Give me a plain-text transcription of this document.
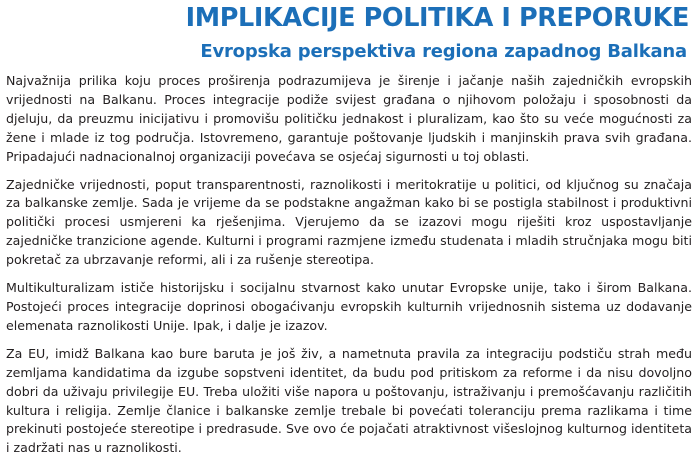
IMPLIKACIJE POLITIKA I PREPORUKE
Evropska perspektiva regiona zapadnog Balkana

Najvažnija prilika koju proces proširenja podrazumijeva je širenje i jačanje naših zajedničkih evropskih vrijednosti na Balkanu. Proces integracije podiže svijest građana o njihovom položaju i sposobnosti da djeluju, da preuzmu inicijativu i promovišu političku jednakost i pluralizam, kao što su veće mogućnosti za žene i mlade iz tog područja. Istovremeno, garantuje poštovanje ljudskih i manjinskih prava svih građana. Pripadajući nadnacionalnoj organizaciji povećava se osjećaj sigurnosti u toj oblasti.

Zajedničke vrijednosti, poput transparentnosti, raznolikosti i meritokratije u politici, od ključnog su značaja za balkanske zemlje. Sada je vrijeme da se podstakne angažman kako bi se postigla stabilnost i produktivni politički procesi usmjereni ka rješenjima. Vjerujemo da se izazovi mogu riješiti kroz uspostavljanje zajedničke tranzicione agende. Kulturni i programi razmjene između studenata i mladih stručnjaka mogu biti pokretač za ubrzavanje reformi, ali i za rušenje stereotipa.

Multikulturalizam ističe historijsku i socijalnu stvarnost kako unutar Evropske unije, tako i širom Balkana. Postojeći proces integracije doprinosi obogaćivanju evropskih kulturnih vrijednosnih sistema uz dodavanje elemenata raznolikosti Unije. Ipak, i dalje je izazov.

Za EU, imidž Balkana kao bure baruta je još živ, a nametnuta pravila za integraciju podstiču strah među zemljama kandidatima da izgube sopstveni identitet, da budu pod pritiskom za reforme i da nisu dovoljno dobri da uživaju privilegije EU. Treba uložiti više napora u poštovanju, istraživanju i premošćavanju različitih kultura i religija. Zemlje članice i balkanske zemlje trebale bi povećati toleranciju prema razlikama i time prekinuti postojeće stereotipe i predrasude. Sve ovo će pojačati atraktivnost višeslojnog kulturnog identiteta i zadržati nas u raznolikosti.
